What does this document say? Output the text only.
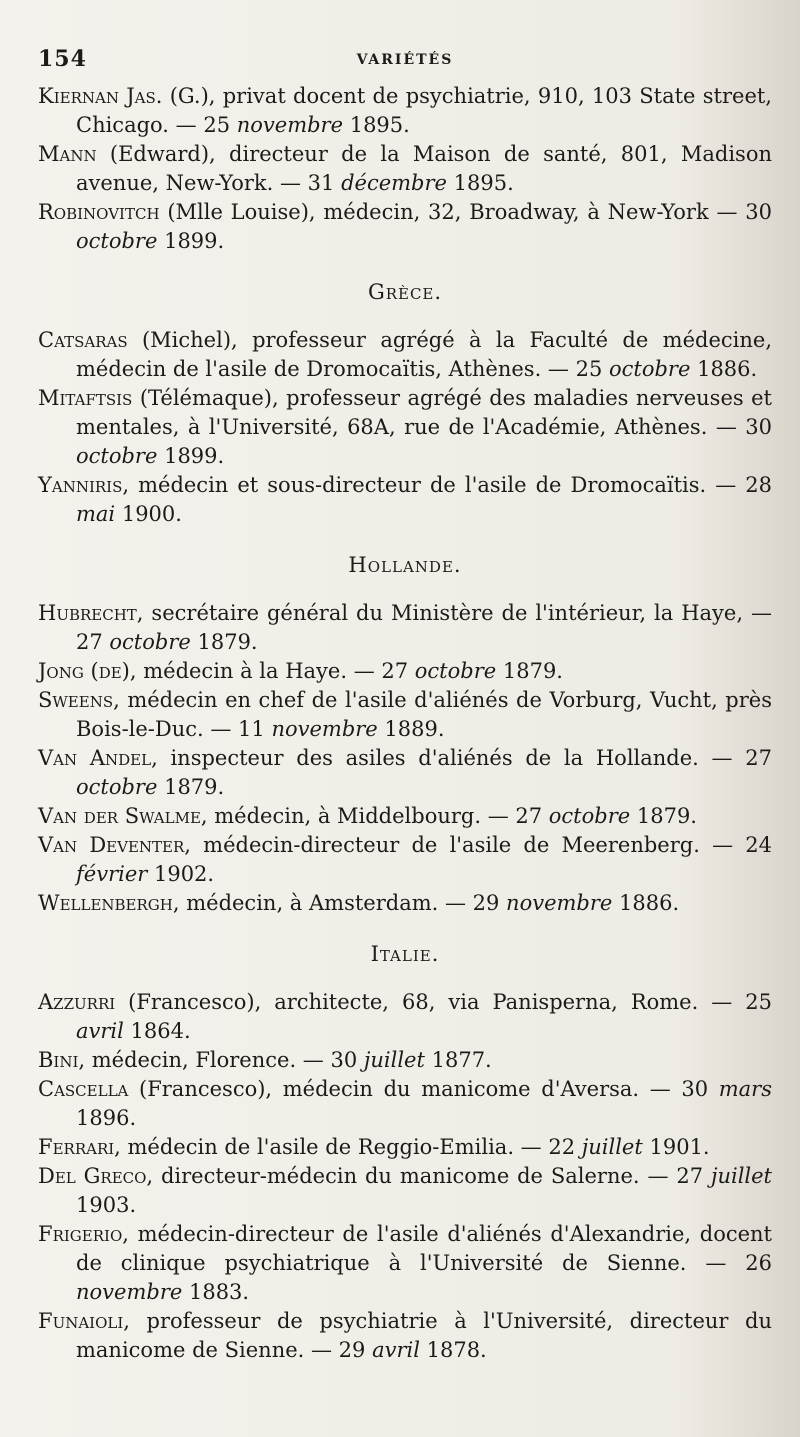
154	VARIÉTÉS

Kiernan Jas. (G.), privat docent de psychiatrie, 910, 103 State street, Chicago. — 25 novembre 1895.

Mann (Edward), directeur de la Maison de santé, 801, Madison avenue, New-York. — 31 décembre 1895.

Robinovitch (Mlle Louise), médecin, 32, Broadway, à New-York — 30 octobre 1899.

Grèce.

Catsaras (Michel), professeur agrégé à la Faculté de médecine, médecin de l'asile de Dromocaïtis, Athènes. — 25 octobre 1886.

Mitaftsis (Télémaque), professeur agrégé des maladies nerveuses et mentales, à l'Université, 68A, rue de l'Académie, Athènes. — 30 octobre 1899.

Yanniris, médecin et sous-directeur de l'asile de Dromocaïtis. — 28 mai 1900.

Hollande.

Hubrecht, secrétaire général du Ministère de l'intérieur, la Haye, — 27 octobre 1879.

Jong (de), médecin à la Haye. — 27 octobre 1879.

Sweens, médecin en chef de l'asile d'aliénés de Vorburg, Vucht, près Bois-le-Duc. — 11 novembre 1889.

Van Andel, inspecteur des asiles d'aliénés de la Hollande. — 27 octobre 1879.

Van der Swalme, médecin, à Middelbourg. — 27 octobre 1879.

Van Deventer, médecin-directeur de l'asile de Meerenberg. — 24 février 1902.

Wellenbergh, médecin, à Amsterdam. — 29 novembre 1886.

Italie.

Azzurri (Francesco), architecte, 68, via Panisperna, Rome. — 25 avril 1864.

Bini, médecin, Florence. — 30 juillet 1877.

Cascella (Francesco), médecin du manicome d'Aversa. — 30 mars 1896.

Ferrari, médecin de l'asile de Reggio-Emilia. — 22 juillet 1901.

Del Greco, directeur-médecin du manicome de Salerne. — 27 juillet 1903.

Frigerio, médecin-directeur de l'asile d'aliénés d'Alexandrie, docent de clinique psychiatrique à l'Université de Sienne. — 26 novembre 1883.

Funaioli, professeur de psychiatrie à l'Université, directeur du manicome de Sienne. — 29 avril 1878.
